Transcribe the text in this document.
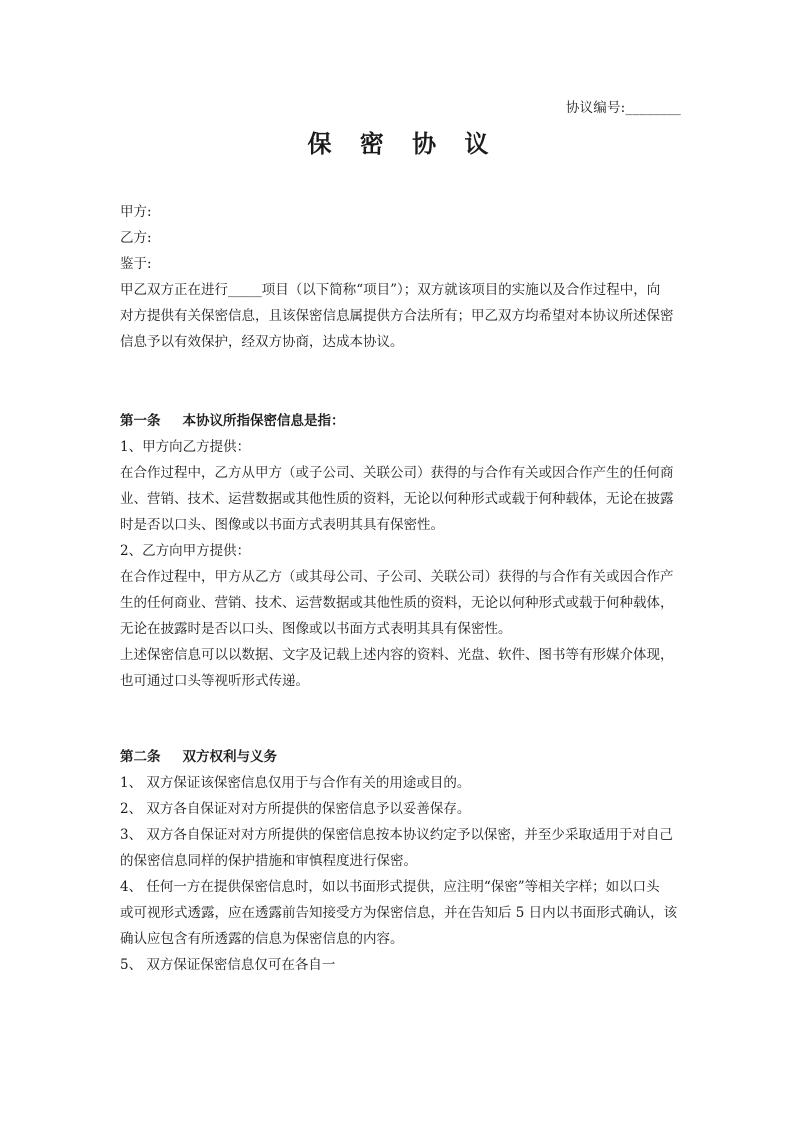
协议编号:________
保 密 协 议
甲方:
乙方:
鉴于:
甲乙双方正在进行_____项目（以下简称“项目”）；双方就该项目的实施以及合作过程中，向
对方提供有关保密信息，且该保密信息属提供方合法所有；甲乙双方均希望对本协议所述保密
信息予以有效保护，经双方协商，达成本协议。
第一条 本协议所指保密信息是指：
1、甲方向乙方提供：
在合作过程中，乙方从甲方（或子公司、关联公司）获得的与合作有关或因合作产生的任何商
业、营销、技术、运营数据或其他性质的资料，无论以何种形式或载于何种载体，无论在披露
时是否以口头、图像或以书面方式表明其具有保密性。
2、乙方向甲方提供：
在合作过程中，甲方从乙方（或其母公司、子公司、关联公司）获得的与合作有关或因合作产
生的任何商业、营销、技术、运营数据或其他性质的资料，无论以何种形式或载于何种载体，
无论在披露时是否以口头、图像或以书面方式表明其具有保密性。
上述保密信息可以以数据、文字及记载上述内容的资料、光盘、软件、图书等有形媒介体现，
也可通过口头等视听形式传递。
第二条 双方权利与义务
1、 双方保证该保密信息仅用于与合作有关的用途或目的。
2、 双方各自保证对对方所提供的保密信息予以妥善保存。
3、 双方各自保证对对方所提供的保密信息按本协议约定予以保密，并至少采取适用于对自己
的保密信息同样的保护措施和审慎程度进行保密。
4、 任何一方在提供保密信息时，如以书面形式提供，应注明“保密”等相关字样；如以口头
或可视形式透露，应在透露前告知接受方为保密信息，并在告知后 5 日内以书面形式确认，该
确认应包含有所透露的信息为保密信息的内容。
5、 双方保证保密信息仅可在各自一
